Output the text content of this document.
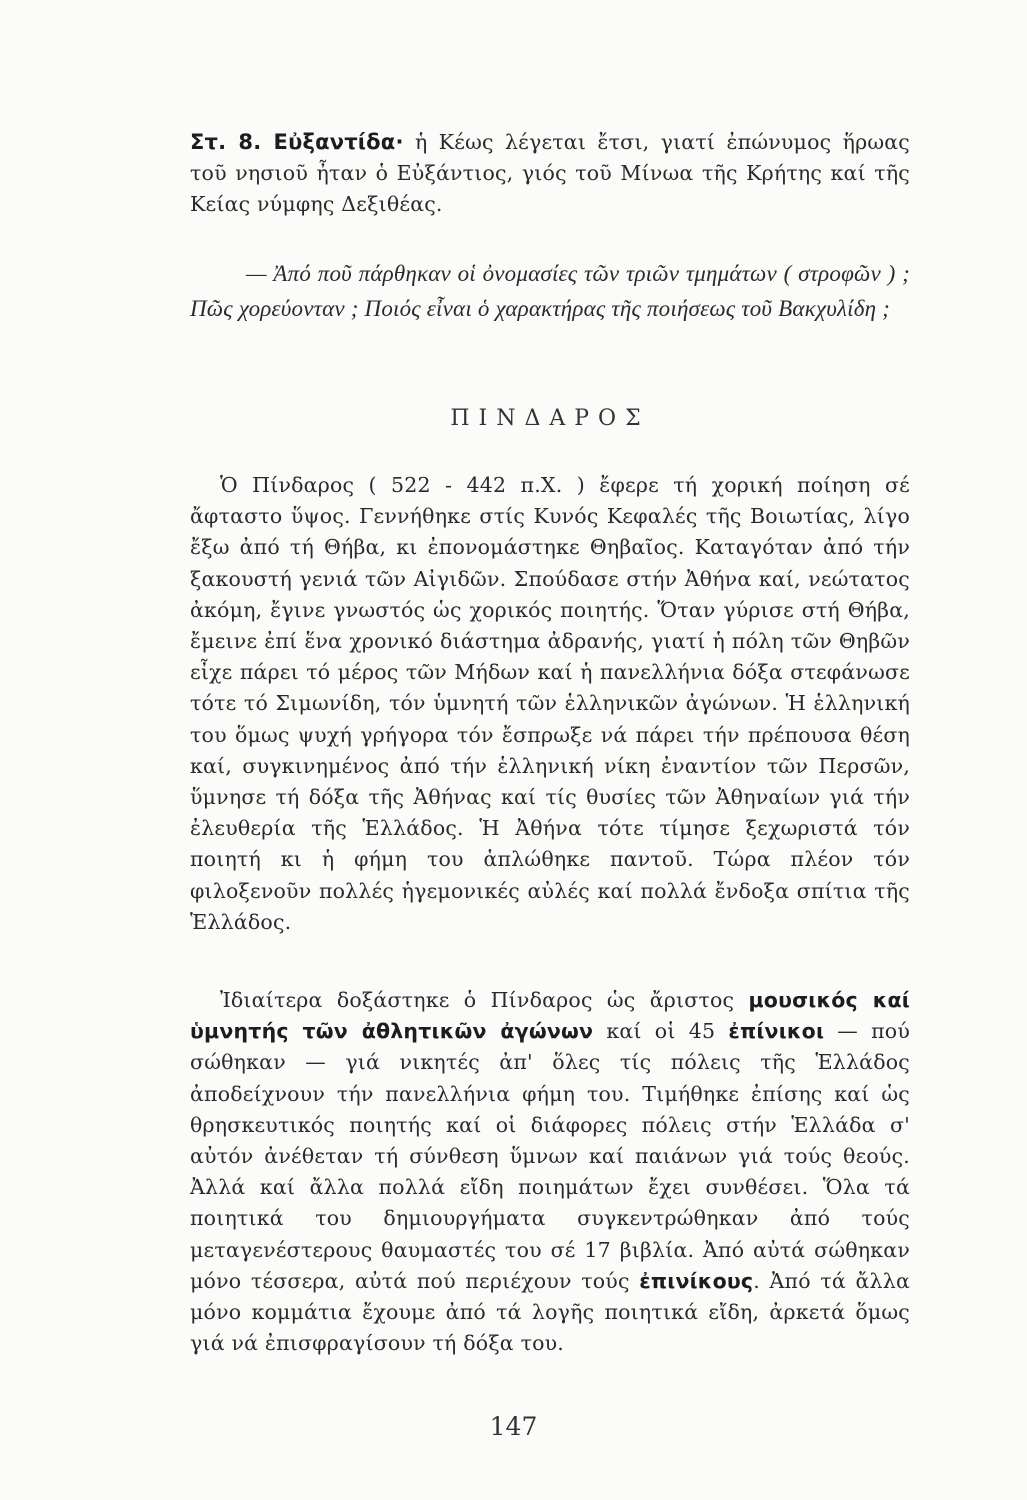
Στ. 8. Εὐξαντίδα· ἡ Κέως λέγεται ἔτσι, γιατί ἐπώνυμος ἥρωας τοῦ νησιοῦ ἦταν ὁ Εὐξάντιος, γιός τοῦ Μίνωα τῆς Κρήτης καί τῆς Κείας νύμφης Δεξιθέας.
— Ἀπό ποῦ πάρθηκαν οἱ ὀνομασίες τῶν τριῶν τμημάτων ( στροφῶν ) ; Πῶς χορεύονταν ; Ποιός εἶναι ὁ χαρακτήρας τῆς ποιήσεως τοῦ Βακχυλίδη ;
ΠΙΝΔΑΡΟΣ
Ὁ Πίνδαρος ( 522 - 442 π.Χ. ) ἔφερε τή χορική ποίηση σέ ἄφταστο ὕψος. Γεννήθηκε στίς Κυνός Κεφαλές τῆς Βοιωτίας, λίγο ἔξω ἀπό τή Θήβα, κι ἐπονομάστηκε Θηβαῖος. Καταγόταν ἀπό τήν ξακουστή γενιά τῶν Αἰγιδῶν. Σπούδασε στήν Ἀθήνα καί, νεώτατος ἀκόμη, ἔγινε γνωστός ὡς χορικός ποιητής. Ὅταν γύρισε στή Θήβα, ἔμεινε ἐπί ἕνα χρονικό διάστημα ἀδρανής, γιατί ἡ πόλη τῶν Θηβῶν εἶχε πάρει τό μέρος τῶν Μήδων καί ἡ πανελλήνια δόξα στεφάνωσε τότε τό Σιμωνίδη, τόν ὑμνητή τῶν ἑλληνικῶν ἀγώνων. Ἡ ἑλληνική του ὅμως ψυχή γρήγορα τόν ἔσπρωξε νά πάρει τήν πρέπουσα θέση καί, συγκινημένος ἀπό τήν ἑλληνική νίκη ἐναντίον τῶν Περσῶν, ὕμνησε τή δόξα τῆς Ἀθήνας καί τίς θυσίες τῶν Ἀθηναίων γιά τήν ἐλευθερία τῆς Ἑλλάδος. Ἡ Ἀθήνα τότε τίμησε ξεχωριστά τόν ποιητή κι ἡ φήμη του ἁπλώθηκε παντοῦ. Τώρα πλέον τόν φιλοξενοῦν πολλές ἡγεμονικές αὐλές καί πολλά ἔνδοξα σπίτια τῆς Ἑλλάδος.
Ἰδιαίτερα δοξάστηκε ὁ Πίνδαρος ὡς ἄριστος μουσικός καί ὑμνητής τῶν ἀθλητικῶν ἀγώνων καί οἱ 45 ἐπίνικοι — πού σώθηκαν — γιά νικητές ἀπ' ὅλες τίς πόλεις τῆς Ἑλλάδος ἀποδείχνουν τήν πανελλήνια φήμη του. Τιμήθηκε ἐπίσης καί ὡς θρησκευτικός ποιητής καί οἱ διάφορες πόλεις στήν Ἑλλάδα σ' αὐτόν ἀνέθεταν τή σύνθεση ὕμνων καί παιάνων γιά τούς θεούς. Ἀλλά καί ἄλλα πολλά εἴδη ποιημάτων ἔχει συνθέσει. Ὅλα τά ποιητικά του δημιουργήματα συγκεντρώθηκαν ἀπό τούς μεταγενέστερους θαυμαστές του σέ 17 βιβλία. Ἀπό αὐτά σώθηκαν μόνο τέσσερα, αὐτά πού περιέχουν τούς ἐπινίκους. Ἀπό τά ἄλλα μόνο κομμάτια ἔχουμε ἀπό τά λογῆς ποιητικά εἴδη, ἀρκετά ὅμως γιά νά ἐπισφραγίσουν τή δόξα του.
147
